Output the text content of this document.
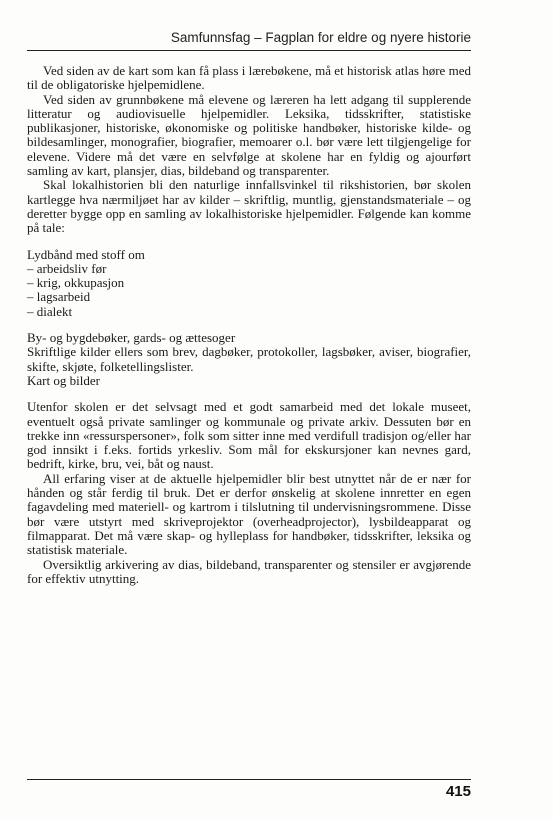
Samfunnsfag – Fagplan for eldre og nyere historie

Ved siden av de kart som kan få plass i lærebøkene, må et historisk atlas høre med til de obligatoriske hjelpemidlene.

Ved siden av grunnbøkene må elevene og læreren ha lett adgang til supplerende litteratur og audiovisuelle hjelpemidler. Leksika, tidsskrifter, statistiske publikasjoner, historiske, økonomiske og politiske handbøker, historiske kilde- og bildesamlinger, monografier, biografier, memoarer o.l. bør være lett tilgjengelige for elevene. Videre må det være en selvfølge at skolene har en fyldig og ajourført samling av kart, plansjer, dias, bildeband og transparenter.

Skal lokalhistorien bli den naturlige innfallsvinkel til rikshistorien, bør skolen kartlegge hva nærmiljøet har av kilder – skriftlig, muntlig, gjenstandsmateriale – og deretter bygge opp en samling av lokalhistoriske hjelpemidler. Følgende kan komme på tale:

Lydbånd med stoff om

– arbeidsliv før

– krig, okkupasjon

– lagsarbeid

– dialekt

By- og bygdebøker, gards- og ættesoger

Skriftlige kilder ellers som brev, dagbøker, protokoller, lagsbøker, aviser, biografier, skifte, skjøte, folketellingslister.

Kart og bilder

Utenfor skolen er det selvsagt med et godt samarbeid med det lokale museet, eventuelt også private samlinger og kommunale og private arkiv. Dessuten bør en trekke inn «ressurspersoner», folk som sitter inne med verdifull tradisjon og/eller har god innsikt i f.eks. fortids yrkesliv. Som mål for ekskursjoner kan nevnes gard, bedrift, kirke, bru, vei, båt og naust.

All erfaring viser at de aktuelle hjelpemidler blir best utnyttet når de er nær for hånden og står ferdig til bruk. Det er derfor ønskelig at skolene innretter en egen fagavdeling med materiell- og kartrom i tilslutning til undervisningsrommene. Disse bør være utstyrt med skriveprojektor (overheadprojector), lysbildeapparat og filmapparat. Det må være skap- og hylleplass for handbøker, tidsskrifter, leksika og statistisk materiale.

Oversiktlig arkivering av dias, bildeband, transparenter og stensiler er avgjørende for effektiv utnytting.

415
